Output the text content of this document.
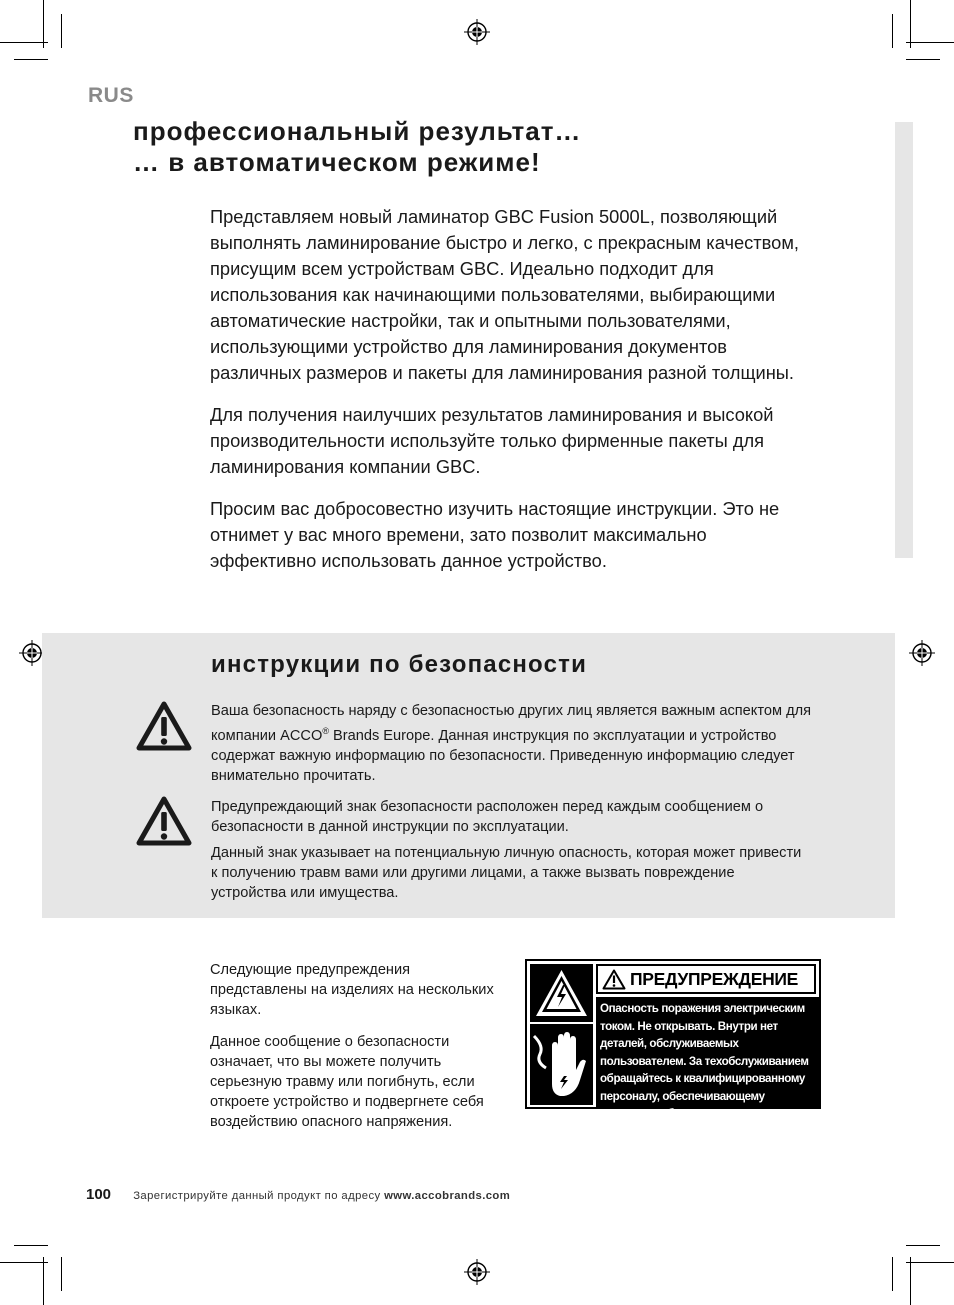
RUS
профессиональный результат…
… в автоматическом режиме!

Представляем новый ламинатор GBC Fusion 5000L, позволяющий выполнять ламинирование быстро и легко, с прекрасным качеством, присущим всем устройствам GBC. Идеально подходит для использования как начинающими пользователями, выбирающими автоматические настройки, так и опытными пользователями, использующими устройство для ламинирования документов различных размеров и пакеты для ламинирования разной толщины.

Для получения наилучших результатов ламинирования и высокой производительности используйте только фирменные пакеты для ламинирования компании GBC.

Просим вас добросовестно изучить настоящие инструкции. Это не отнимет у вас много времени, зато позволит максимально эффективно использовать данное устройство.

инструкции по безопасности
Ваша безопасность наряду с безопасностью других лиц является важным аспектом для компании ACCO® Brands Europe. Данная инструкция по эксплуатации и устройство содержат важную информацию по безопасности. Приведенную информацию следует внимательно прочитать.

Предупреждающий знак безопасности расположен перед каждым сообщением о безопасности в данной инструкции по эксплуатации.

Данный знак указывает на потенциальную личную опасность, которая может привести к получению травм вами или другими лицами, а также вызвать повреждение устройства или имущества.

Следующие предупреждения представлены на изделиях на нескольких языках.

Данное сообщение о безопасности означает, что вы можете получить серьезную травму или погибнуть, если откроете устройство и подвергнете себя воздействию опасного напряжения.

ПРЕДУПРЕЖДЕНИЕ
Опасность поражения электрическим током. Не открывать. Внутри нет деталей, обслуживаемых пользователем. За техобслуживанием обращайтесь к квалифицированному персоналу, обеспечивающему сервисное обслуживание.
100 Зарегистрируйте данный продукт по адресу www.accobrands.com
